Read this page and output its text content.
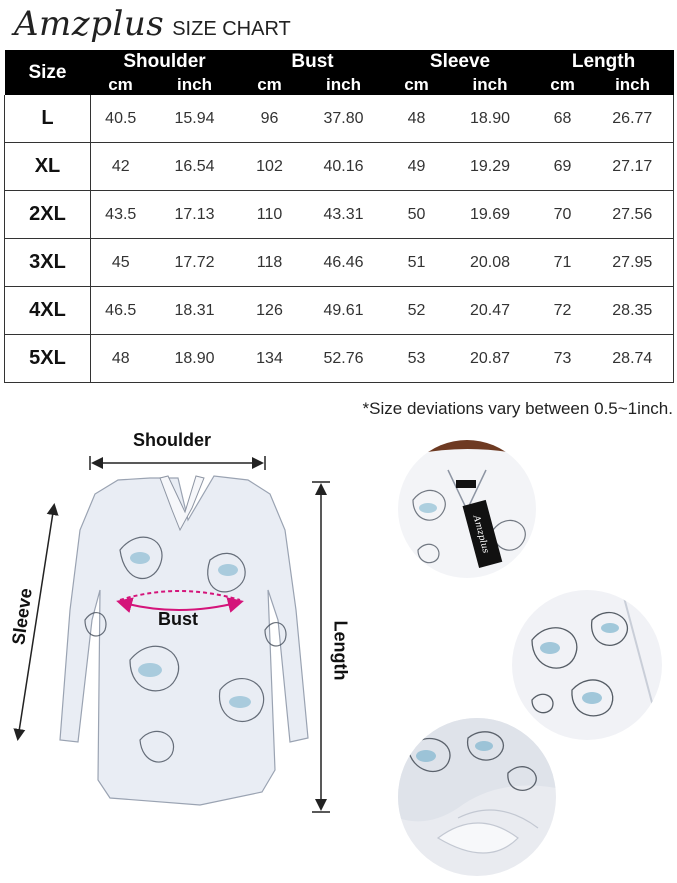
Amzplus SIZE CHART
Size	Shoulder		Bust		Sleeve		Length	
	cm	inch	cm	inch	cm	inch	cm	inch
L	40.5	15.94	96	37.80	48	18.90	68	26.77
XL	42	16.54	102	40.16	49	19.29	69	27.17
2XL	43.5	17.13	110	43.31	50	19.69	70	27.56
3XL	45	17.72	118	46.46	51	20.08	71	27.95
4XL	46.5	18.31	126	49.61	52	20.47	72	28.35
5XL	48	18.90	134	52.76	53	20.87	73	28.74
*Size deviations vary between 0.5~1inch.
Shoulder
Bust
Sleeve
Length
Amzplus
